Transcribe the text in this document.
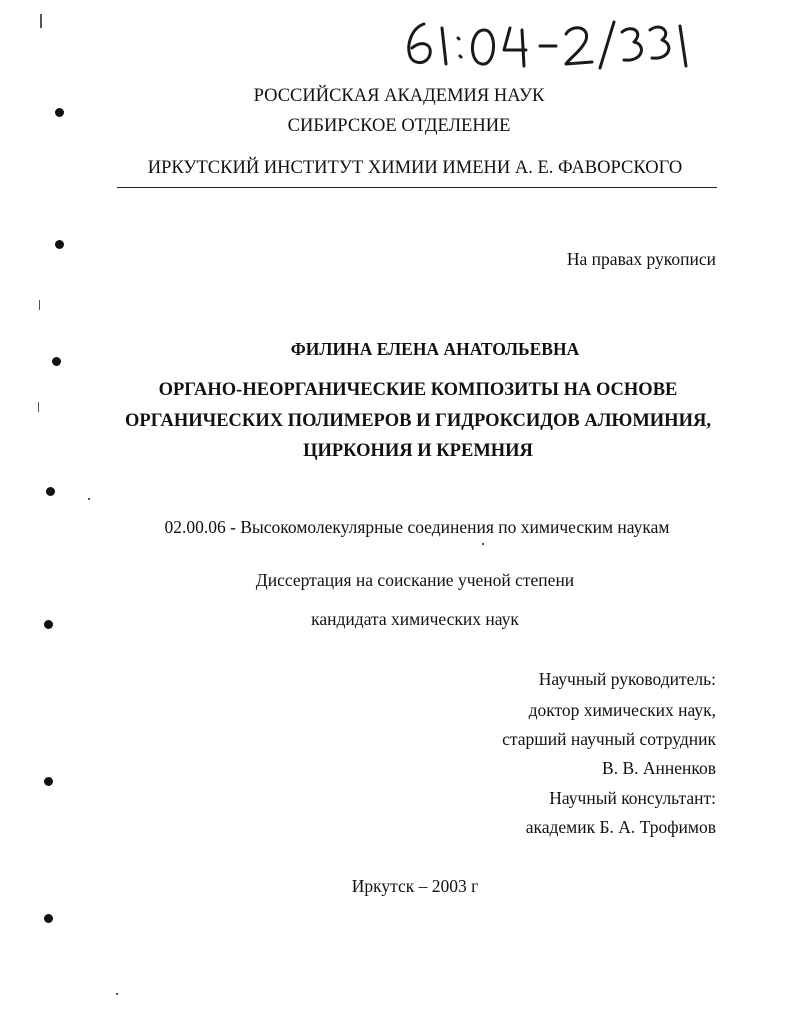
РОССИЙСКАЯ АКАДЕМИЯ НАУК
СИБИРСКОЕ ОТДЕЛЕНИЕ
ИРКУТСКИЙ ИНСТИТУТ ХИМИИ ИМЕНИ А. Е. ФАВОРСКОГО
На правах рукописи
ФИЛИНА ЕЛЕНА АНАТОЛЬЕВНА
ОРГАНО-НЕОРГАНИЧЕСКИЕ КОМПОЗИТЫ НА ОСНОВЕ
ОРГАНИЧЕСКИХ ПОЛИМЕРОВ И ГИДРОКСИДОВ АЛЮМИНИЯ,
ЦИРКОНИЯ И КРЕМНИЯ
02.00.06 - Высокомолекулярные соединения по химическим наукам
Диссертация на соискание ученой степени
кандидата химических наук
Научный руководитель:
доктор химических наук,
старший научный сотрудник
В. В. Анненков
Научный консультант:
академик Б. А. Трофимов
Иркутск – 2003 г
